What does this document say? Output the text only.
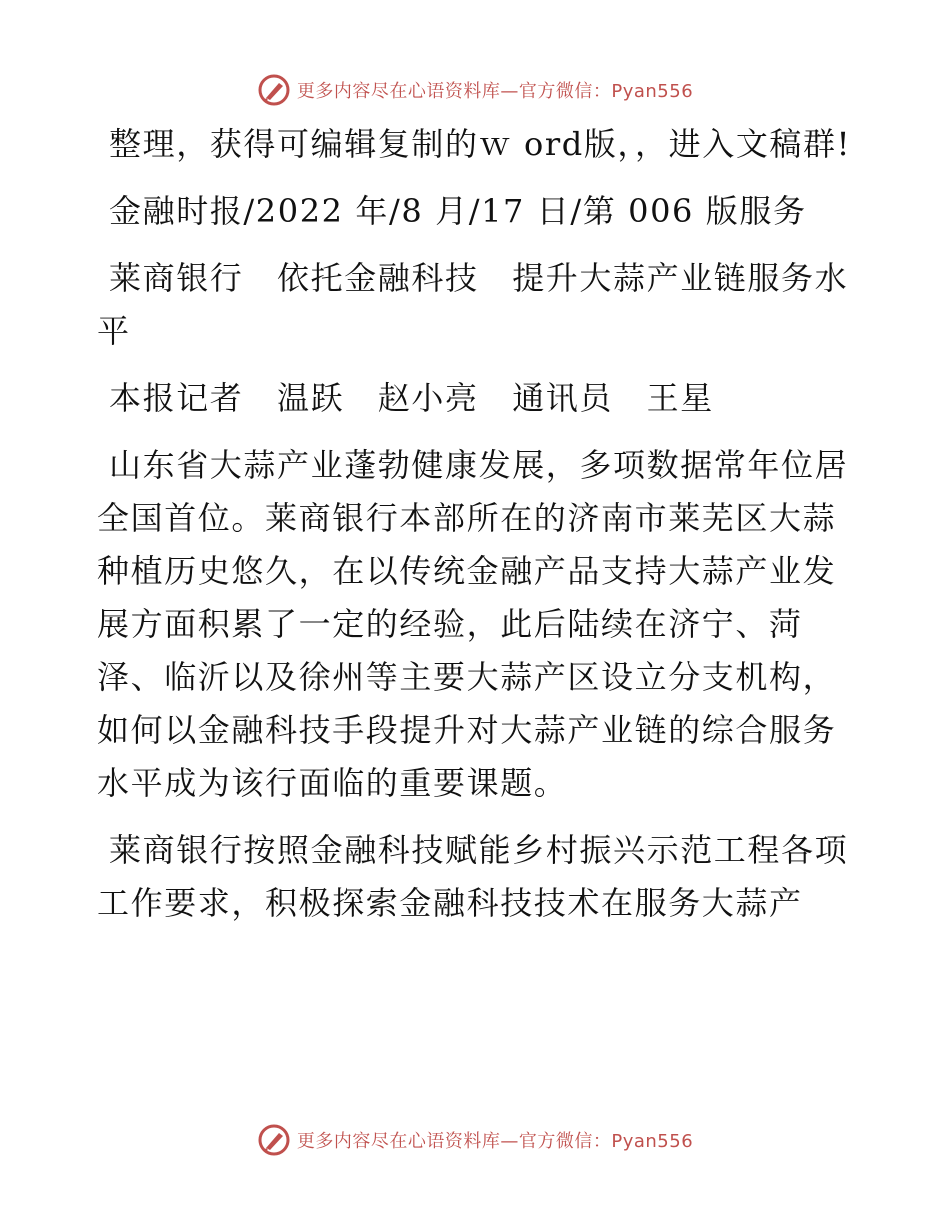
更多内容尽在心语资料库 —官方微信：Pyan556

整理，获得可编辑复制的ｗ ord版，，进入文稿群!

金融时报/2022 年/8 月/17 日/第 006 版服务

莱商银行　依托金融科技　提升大蒜产业链服务水平

本报记者　温跃　赵小亮　通讯员　王星

山东省大蒜产业蓬勃健康发展，多项数据常年位居全国首位。莱商银行本部所在的济南市莱芜区大蒜种植历史悠久，在以传统金融产品支持大蒜产业发展方面积累了一定的经验，此后陆续在济宁、菏泽、临沂以及徐州等主要大蒜产区设立分支机构，如何以金融科技手段提升对大蒜产业链的综合服务水平成为该行面临的重要课题。

莱商银行按照金融科技赋能乡村振兴示范工程各项工作要求，积极探索金融科技技术在服务大蒜产

更多内容尽在心语资料库 —官方微信：Pyan556
